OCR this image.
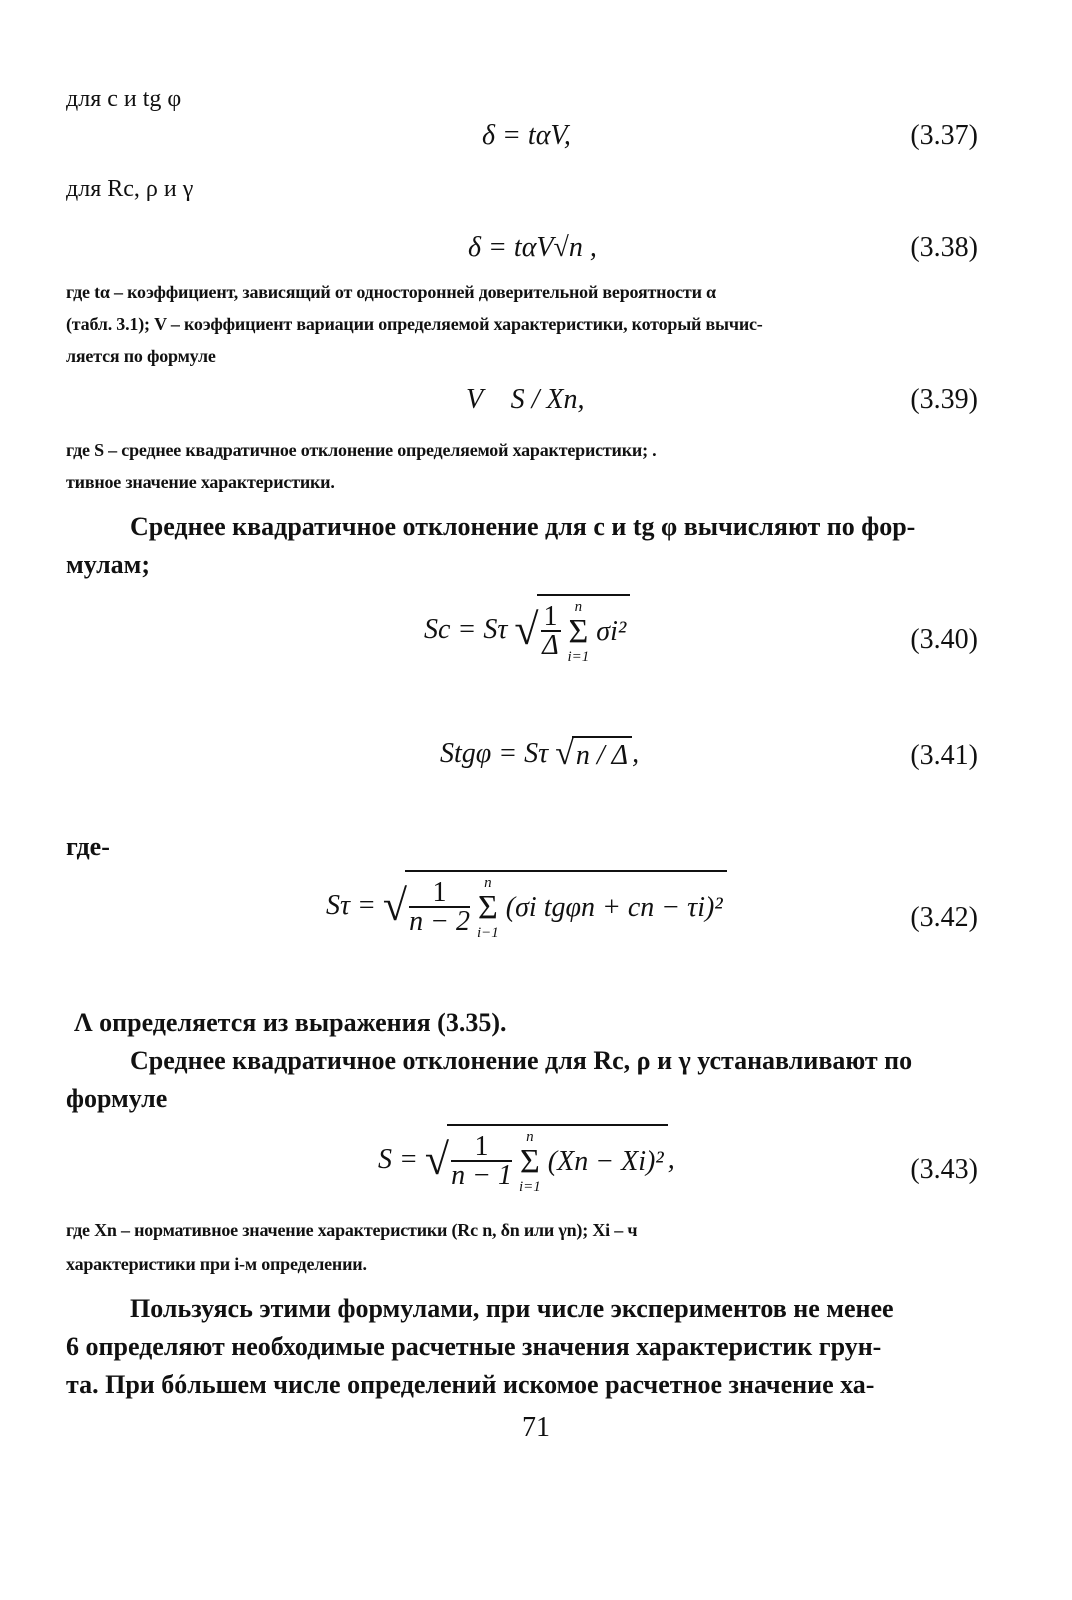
для c и tg φ
δ = tαV,	(3.37)
для Rc, ρ и γ
δ = tαV√n ,	(3.38)
где tα – коэффициент, зависящий от односторонней доверительной вероятности α
(табл. 3.1); V – коэффициент вариации определяемой характеристики, который вычис-
ляется по формуле
V    S / Xn,	(3.39)
где S – среднее квадратичное отклонение определяемой характеристики; .
тивное значение характеристики.
Среднее квадратичное отклонение для c и tg φ вычисляют по фор-
мулам;
Sc = Sτ √ $\frac{1}{\Delta}$
n
Σ
i=1
σi²	(3.40)
Stgφ = Sτ √n / Δ ,	(3.41)
где-
Sτ = √ $\frac{1}{n - 2}$
n
Σ
i−1
(σi tgφn + cn − τi)²	(3.42)
Λ определяется из выражения (3.35).
Среднее квадратичное отклонение для Rc, ρ и γ устанавливают по
формуле
S = √ $\frac{1}{n - 1}$
n
Σ
i=1
(Xn − Xi)² ,	(3.43)
где Xn – нормативное значение характеристики (Rc n, δn или γn); Xi – ч
характеристики при i-м определении.
Пользуясь этими формулами, при числе экспериментов не менее
6 определяют необходимые расчетные значения характеристик грун-
та. При бóльшем числе определений искомое расчетное значение ха-
71
